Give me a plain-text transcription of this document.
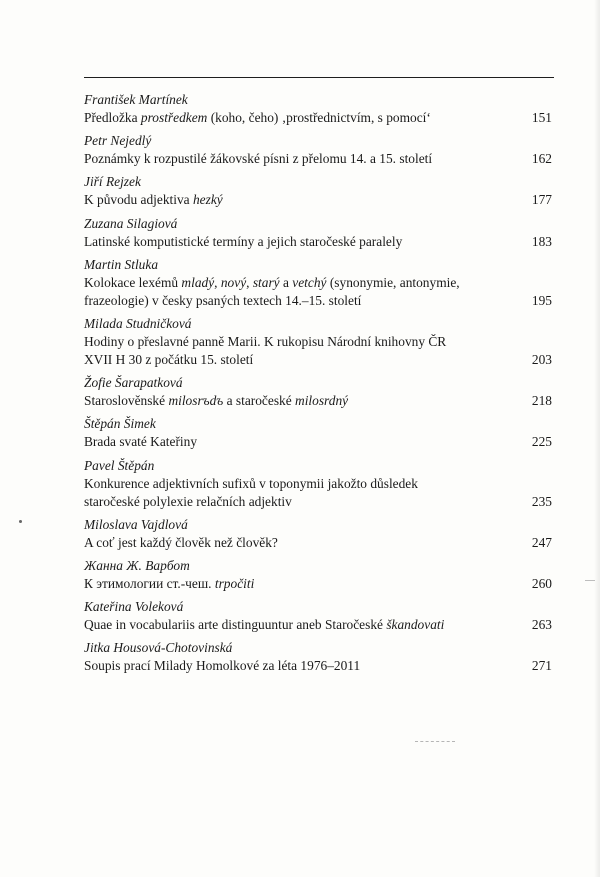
František Martínek
Předložka prostředkem (koho, čeho) ‚prostřednictvím, s pomocí‘	151
Petr Nejedlý
Poznámky k rozpustilé žákovské písni z přelomu 14. a 15. století	162
Jiří Rejzek
K původu adjektiva hezký	177
Zuzana Silagiová
Latinské komputistické termíny a jejich staročeské paralely	183
Martin Stluka
Kolokace lexémů mladý, nový, starý a vetchý (synonymie, antonymie,
frazeologie) v česky psaných textech 14.–15. století	195
Milada Studničková
Hodiny o přeslavné panně Marii. K rukopisu Národní knihovny ČR
XVII H 30 z počátku 15. století	203
Žofie Šarapatková
Staroslověnské milosrъdъ a staročeské milosrdný	218
Štěpán Šimek
Brada svaté Kateřiny	225
Pavel Štěpán
Konkurence adjektivních sufixů v toponymii jakožto důsledek
staročeské polylexie relačních adjektiv	235
Miloslava Vajdlová
A coť jest každý člověk než člověk?	247
Жанна Ж. Варбот
К этимологии ст.-чеш. trpočiti	260
Kateřina Voleková
Quae in vocabulariis arte distinguuntur aneb Staročeské škandovati	263
Jitka Housová-Chotovinská
Soupis prací Milady Homolkové za léta 1976–2011	271
